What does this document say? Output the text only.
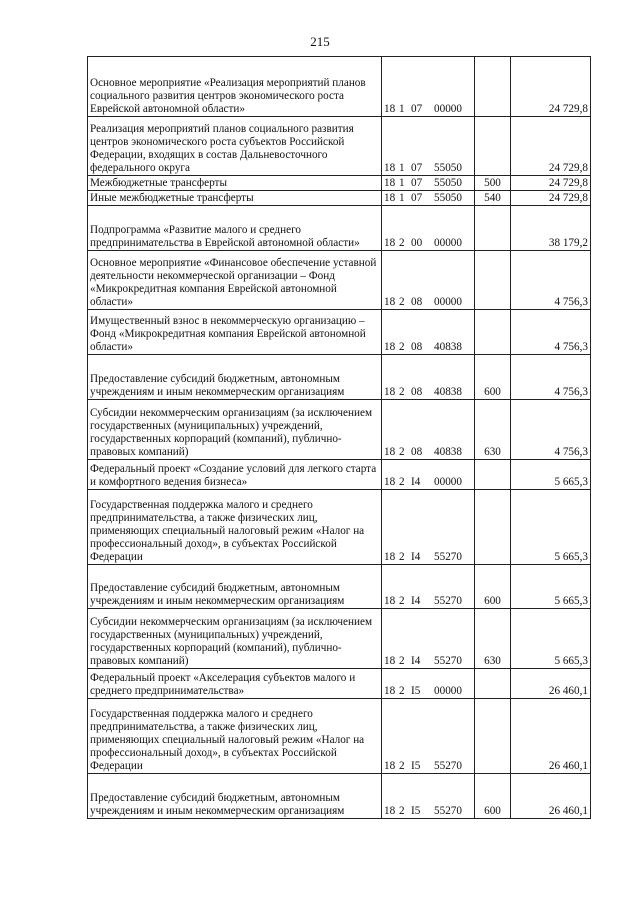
215
Основное мероприятие «Реализация мероприятий планов социального развития центров экономического роста Еврейской автономной области»	18 1 07 00000		24 729,8
Реализация мероприятий планов социального развития центров экономического роста субъектов Российской Федерации, входящих в состав Дальневосточного федерального округа	18 1 07 55050		24 729,8
Межбюджетные трансферты	18 1 07 55050	500	24 729,8
Иные межбюджетные трансферты	18 1 07 55050	540	24 729,8
Подпрограмма «Развитие малого и среднего предпринимательства в Еврейской автономной области»	18 2 00 00000		38 179,2
Основное мероприятие «Финансовое обеспечение уставной деятельности некоммерческой организации – Фонд «Микрокредитная компания Еврейской автономной области»	18 2 08 00000		4 756,3
Имущественный взнос в некоммерческую организацию – Фонд «Микрокредитная компания Еврейской автономной области»	18 2 08 40838		4 756,3
Предоставление субсидий бюджетным, автономным учреждениям и иным некоммерческим организациям	18 2 08 40838	600	4 756,3
Субсидии некоммерческим организациям (за исключением государственных (муниципальных) учреждений, государственных корпораций (компаний), публично-правовых компаний)	18 2 08 40838	630	4 756,3
Федеральный проект «Создание условий для легкого старта и комфортного ведения бизнеса»	18 2 I4 00000		5 665,3
Государственная поддержка малого и среднего предпринимательства, а также физических лиц, применяющих специальный налоговый режим «Налог на профессиональный доход», в субъектах Российской Федерации	18 2 I4 55270		5 665,3
Предоставление субсидий бюджетным, автономным учреждениям и иным некоммерческим организациям	18 2 I4 55270	600	5 665,3
Субсидии некоммерческим организациям (за исключением государственных (муниципальных) учреждений, государственных корпораций (компаний), публично-правовых компаний)	18 2 I4 55270	630	5 665,3
Федеральный проект «Акселерация субъектов малого и среднего предпринимательства»	18 2 I5 00000		26 460,1
Государственная поддержка малого и среднего предпринимательства, а также физических лиц, применяющих специальный налоговый режим «Налог на профессиональный доход», в субъектах Российской Федерации	18 2 I5 55270		26 460,1
Предоставление субсидий бюджетным, автономным учреждениям и иным некоммерческим организациям	18 2 I5 55270	600	26 460,1
